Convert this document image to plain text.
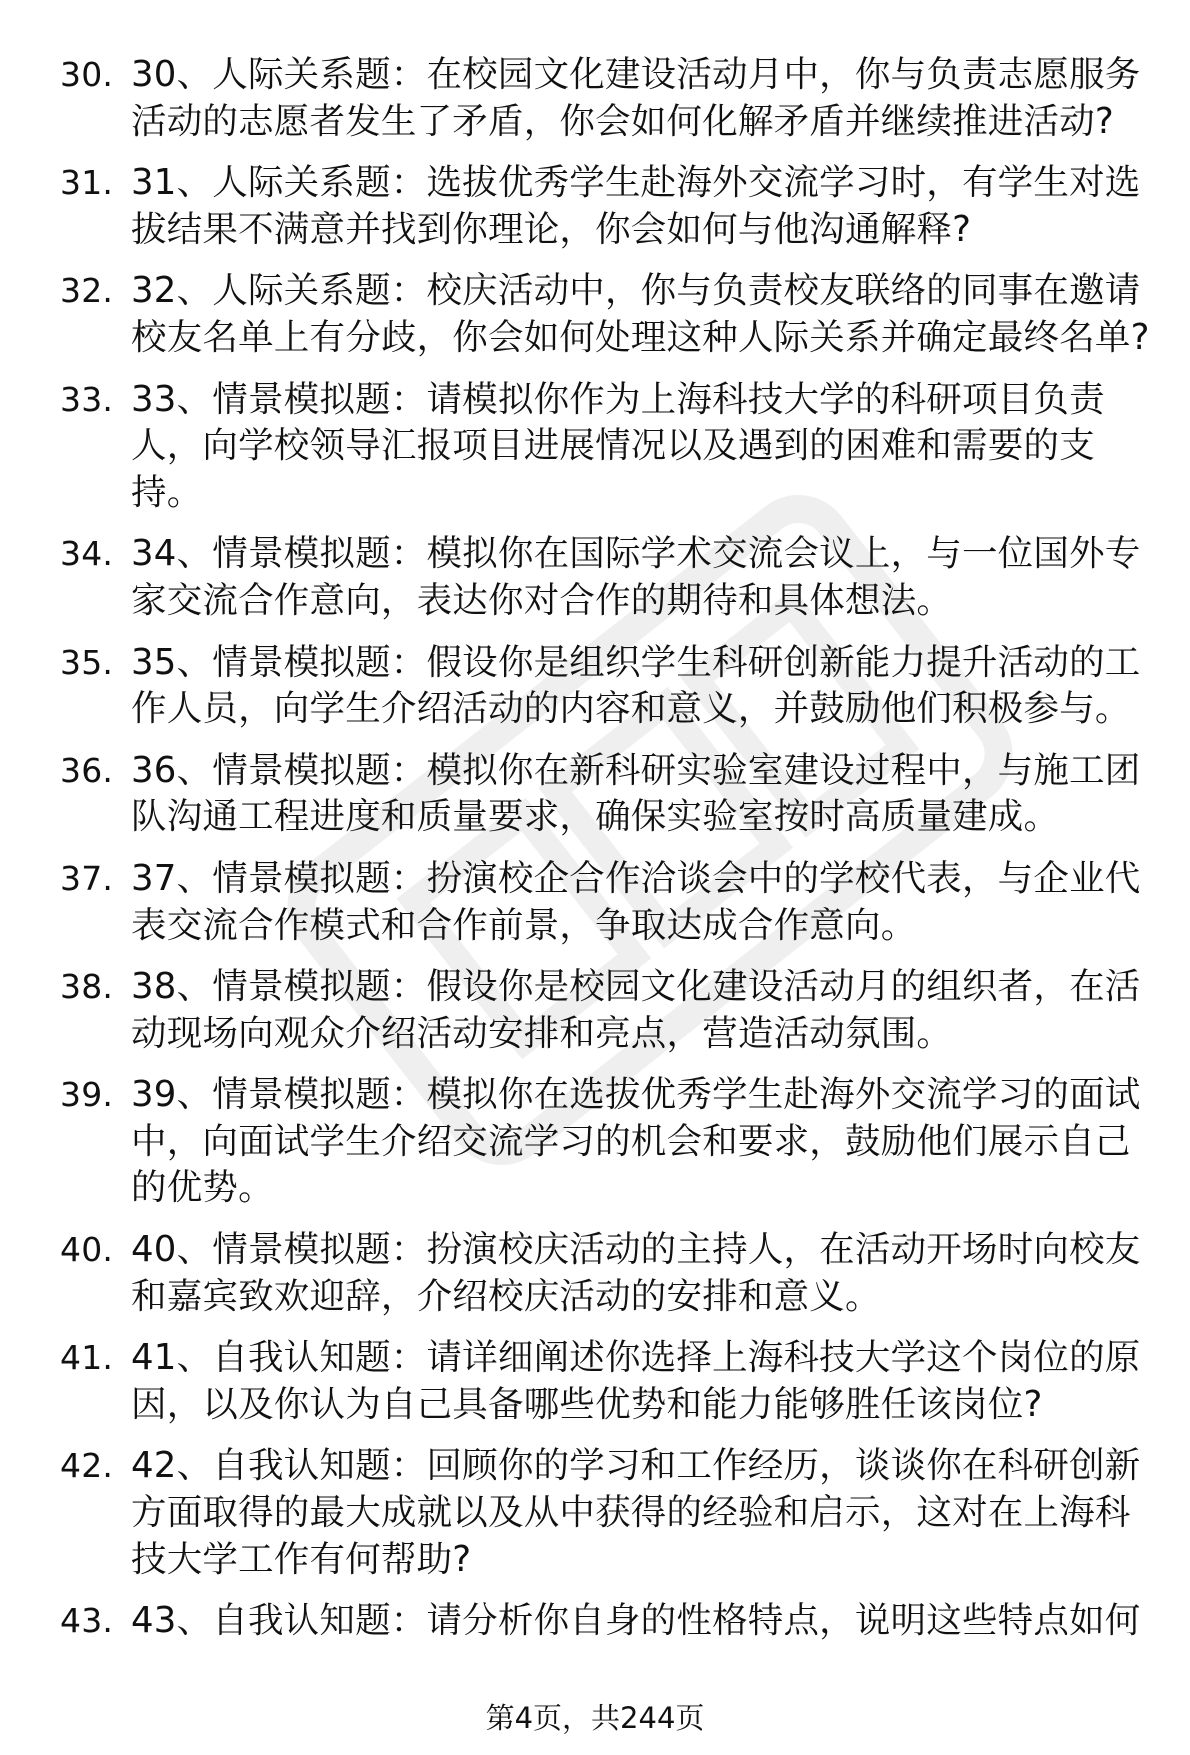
30. 30、人际关系题：在校园文化建设活动月中，你与负责志愿服务活动的志愿者发生了矛盾，你会如何化解矛盾并继续推进活动?
31. 31、人际关系题：选拔优秀学生赴海外交流学习时，有学生对选拔结果不满意并找到你理论，你会如何与他沟通解释?
32. 32、人际关系题：校庆活动中，你与负责校友联络的同事在邀请校友名单上有分歧，你会如何处理这种人际关系并确定最终名单?
33. 33、情景模拟题：请模拟你作为上海科技大学的科研项目负责人，向学校领导汇报项目进展情况以及遇到的困难和需要的支持。
34. 34、情景模拟题：模拟你在国际学术交流会议上，与一位国外专家交流合作意向，表达你对合作的期待和具体想法。
35. 35、情景模拟题：假设你是组织学生科研创新能力提升活动的工作人员，向学生介绍活动的内容和意义，并鼓励他们积极参与。
36. 36、情景模拟题：模拟你在新科研实验室建设过程中，与施工团队沟通工程进度和质量要求，确保实验室按时高质量建成。
37. 37、情景模拟题：扮演校企合作洽谈会中的学校代表，与企业代表交流合作模式和合作前景，争取达成合作意向。
38. 38、情景模拟题：假设你是校园文化建设活动月的组织者，在活动现场向观众介绍活动安排和亮点，营造活动氛围。
39. 39、情景模拟题：模拟你在选拔优秀学生赴海外交流学习的面试中，向面试学生介绍交流学习的机会和要求，鼓励他们展示自己的优势。
40. 40、情景模拟题：扮演校庆活动的主持人，在活动开场时向校友和嘉宾致欢迎辞，介绍校庆活动的安排和意义。
41. 41、自我认知题：请详细阐述你选择上海科技大学这个岗位的原因，以及你认为自己具备哪些优势和能力能够胜任该岗位?
42. 42、自我认知题：回顾你的学习和工作经历，谈谈你在科研创新方面取得的最大成就以及从中获得的经验和启示，这对在上海科技大学工作有何帮助?
43. 43、自我认知题：请分析你自身的性格特点，说明这些特点如何
第4页，共244页
